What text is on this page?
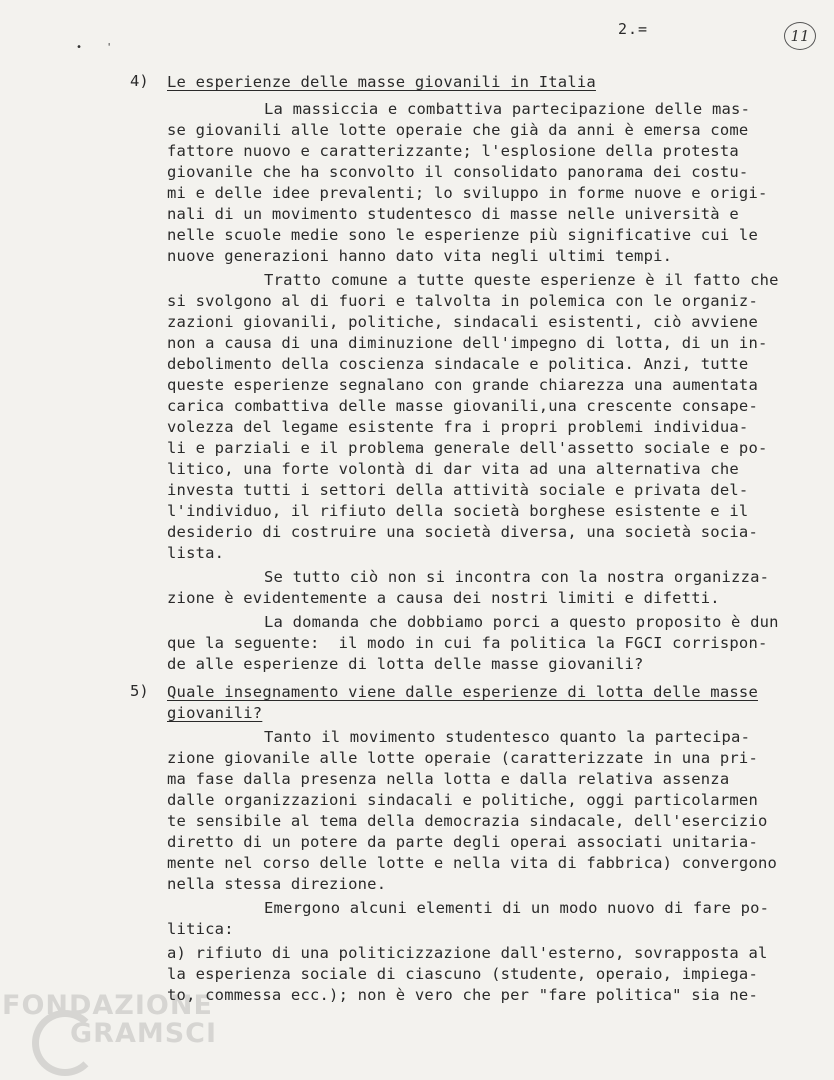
•    '
2.=	11
4) Le esperienze delle masse giovanili in Italia
La massiccia e combattiva partecipazione delle mas-
se giovanili alle lotte operaie che già da anni è emersa come
fattore nuovo e caratterizzante; l'esplosione della protesta
giovanile che ha sconvolto il consolidato panorama dei costu-
mi e delle idee prevalenti; lo sviluppo in forme nuove e origi-
nali di un movimento studentesco di masse nelle università e
nelle scuole medie sono le esperienze più significative cui le
nuove generazioni hanno dato vita negli ultimi tempi.
Tratto comune a tutte queste esperienze è il fatto che
si svolgono al di fuori e talvolta in polemica con le organiz-
zazioni giovanili, politiche, sindacali esistenti, ciò avviene
non a causa di una diminuzione dell'impegno di lotta, di un in-
debolimento della coscienza sindacale e politica. Anzi, tutte
queste esperienze segnalano con grande chiarezza una aumentata
carica combattiva delle masse giovanili,una crescente consape-
volezza del legame esistente fra i propri problemi individua-
li e parziali e il problema generale dell'assetto sociale e po-
litico, una forte volontà di dar vita ad una alternativa che
investa tutti i settori della attività sociale e privata del-
l'individuo, il rifiuto della società borghese esistente e il
desiderio di costruire una società diversa, una società socia-
lista.
Se tutto ciò non si incontra con la nostra organizza-
zione è evidentemente a causa dei nostri limiti e difetti.
La domanda che dobbiamo porci a questo proposito è dun
que la seguente:  il modo in cui fa politica la FGCI corrispon-
de alle esperienze di lotta delle masse giovanili?
5) Quale insegnamento viene dalle esperienze di lotta delle masse
giovanili?
Tanto il movimento studentesco quanto la partecipa-
zione giovanile alle lotte operaie (caratterizzate in una pri-
ma fase dalla presenza nella lotta e dalla relativa assenza
dalle organizzazioni sindacali e politiche, oggi particolarmen
te sensibile al tema della democrazia sindacale, dell'esercizio
diretto di un potere da parte degli operai associati unitaria-
mente nel corso delle lotte e nella vita di fabbrica) convergono
nella stessa direzione.
Emergono alcuni elementi di un modo nuovo di fare po-
litica:
a) rifiuto di una politicizzazione dall'esterno, sovrapposta al
la esperienza sociale di ciascuno (studente, operaio, impiega-
to, commessa ecc.); non è vero che per "fare politica" sia ne-
FONDAZIONE
GRAMSCI
